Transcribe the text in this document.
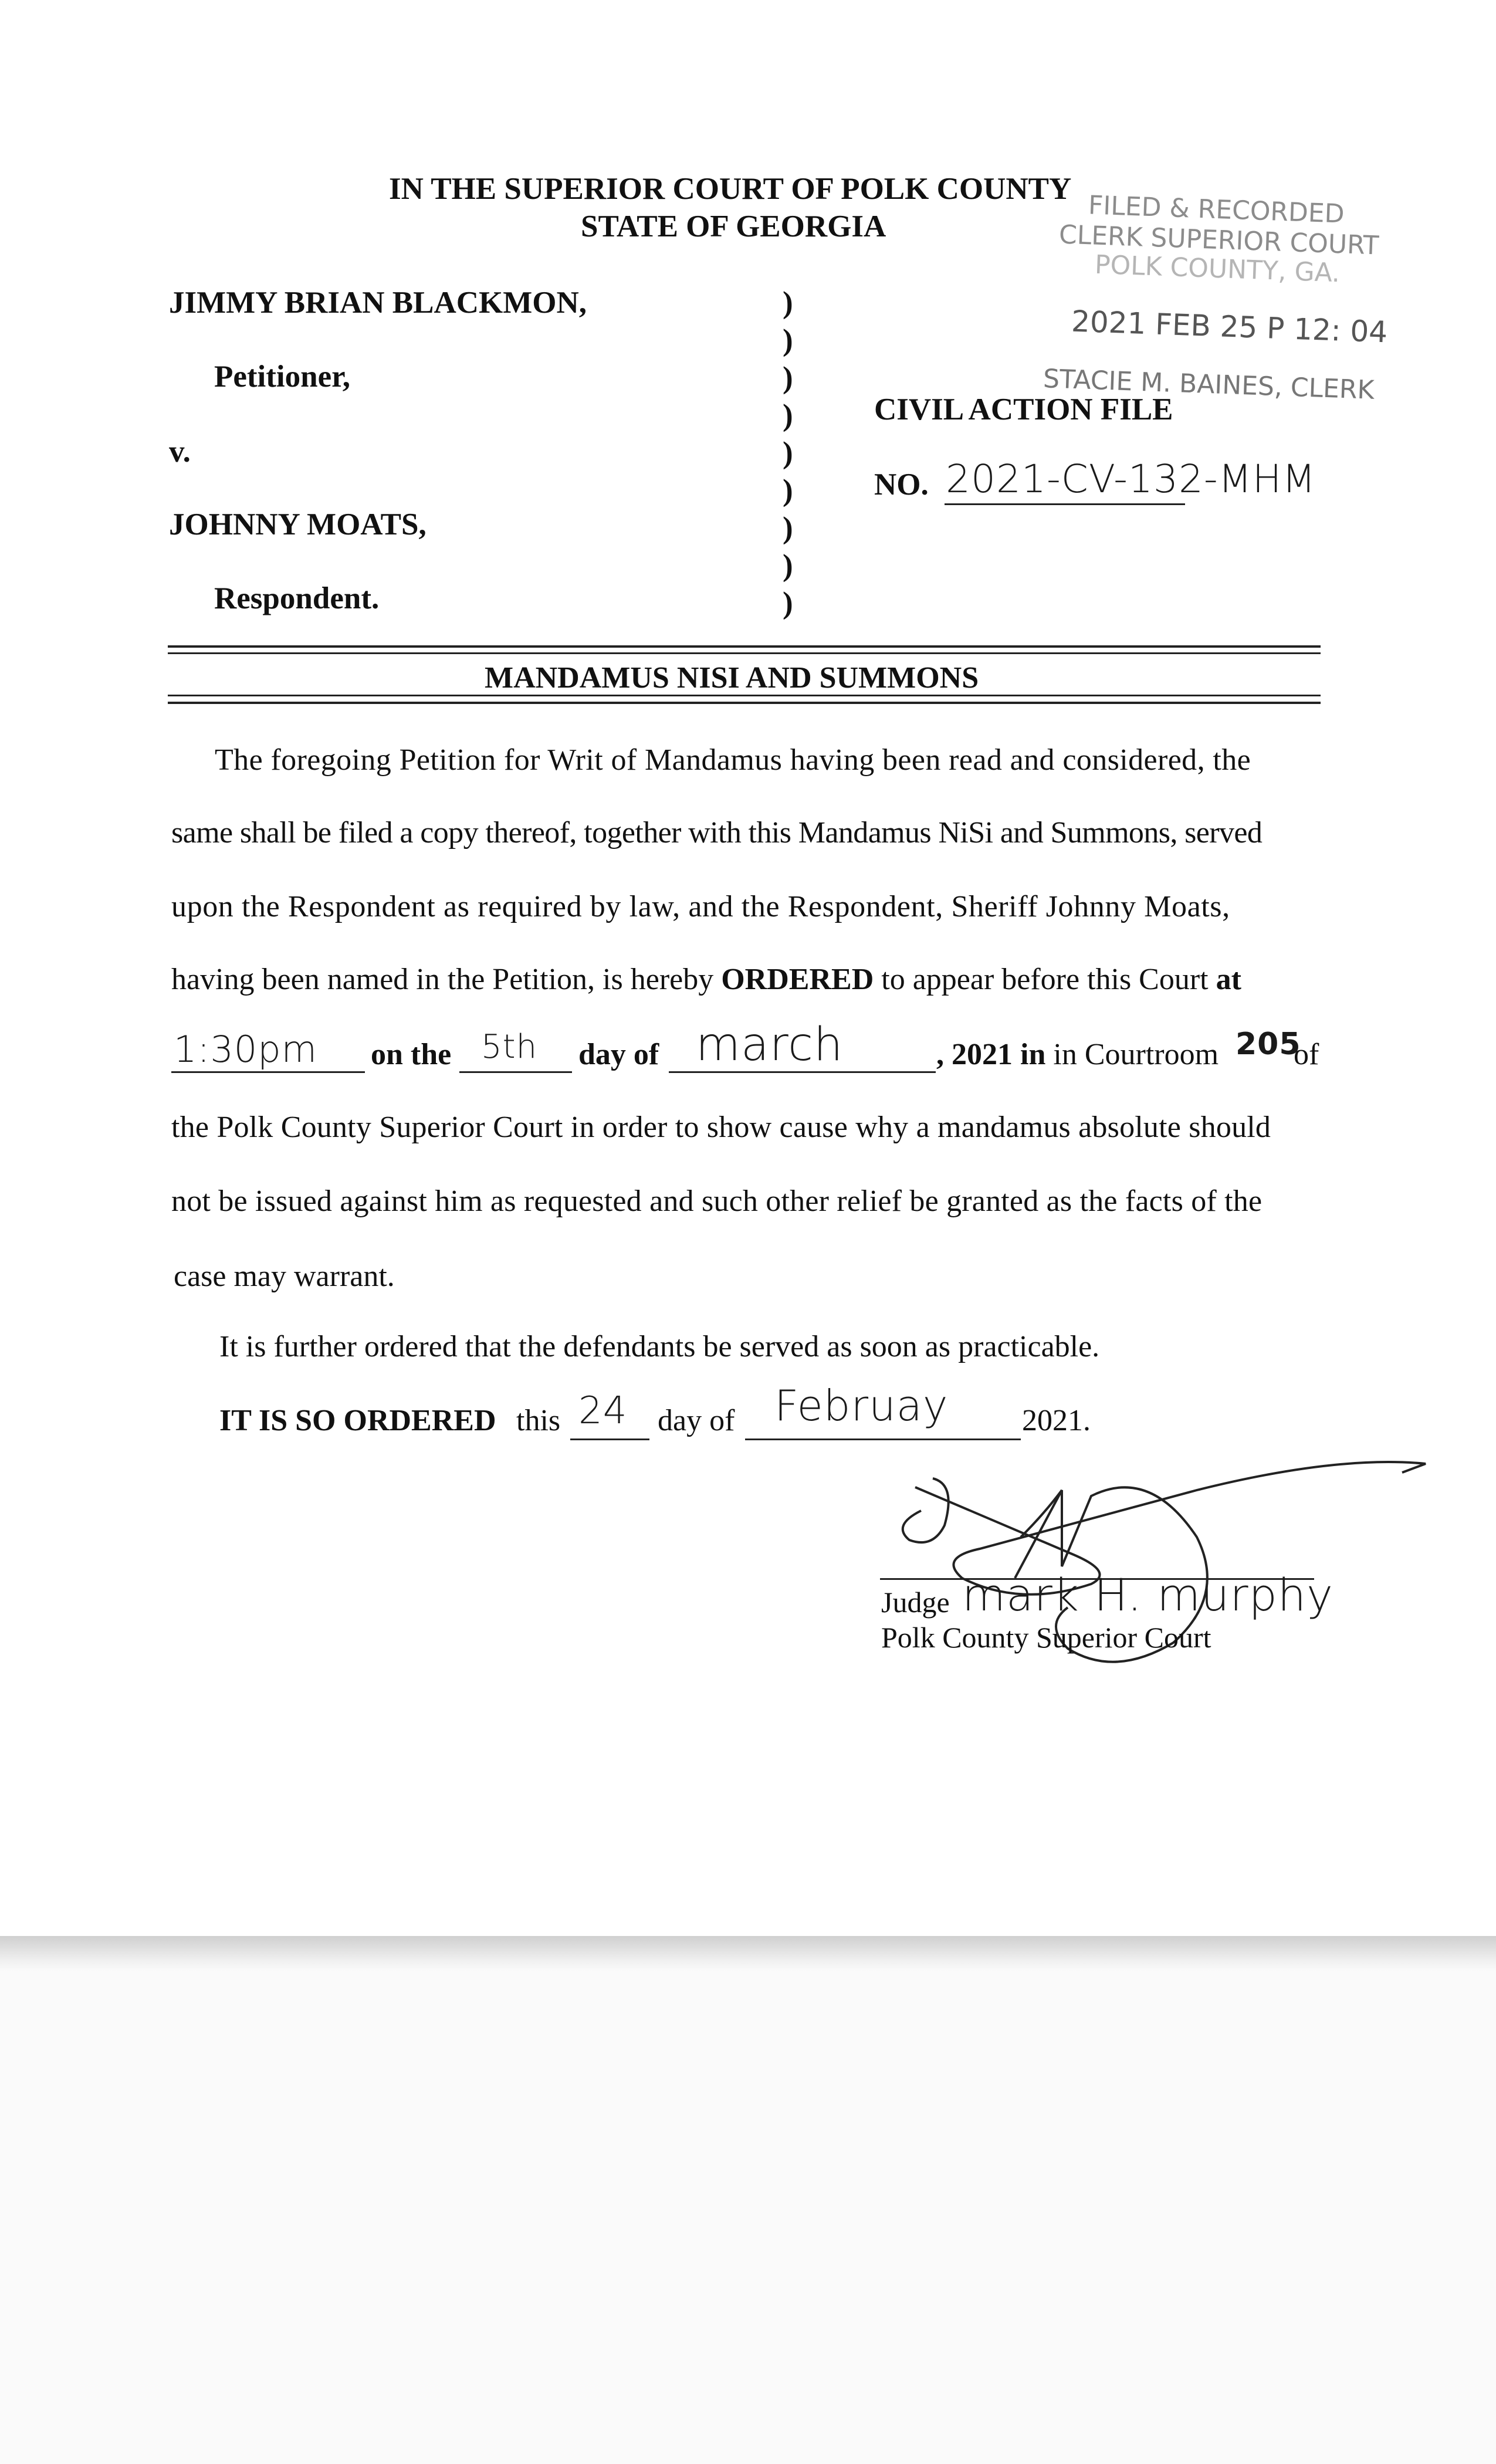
IN THE SUPERIOR COURT OF POLK COUNTY
STATE OF GEORGIA	FILED & RECORDED
CLERK SUPERIOR COURT
POLK COUNTY, GA.
2021 FEB 25 P 12: 04
STACIE M. BAINES, CLERK
JIMMY BRIAN BLACKMON,
Petitioner,
v.
JOHNNY MOATS,
Respondent.
)
)
)
)
)
)
)
)
)
CIVIL ACTION FILE
NO. 2021-CV-132-MHM
MANDAMUS NISI AND SUMMONS
The foregoing Petition for Writ of Mandamus having been read and considered, the
same shall be filed a copy thereof, together with this Mandamus NiSi and Summons, served
upon the Respondent as required by law, and the Respondent, Sheriff Johnny Moats,
having been named in the Petition, is hereby ORDERED to appear before this Court at
1:30pm on the 5th day of march	, 2021 in in Courtroom 205
of
the Polk County Superior Court in order to show cause why a mandamus absolute should
not be issued against him as requested and such other relief be granted as the facts of the
case may warrant.
It is further ordered that the defendants be served as soon as practicable.
IT IS SO ORDERED this 24 day of Februay 2021.
Judge mark H. murphy
Polk County Superior Court
